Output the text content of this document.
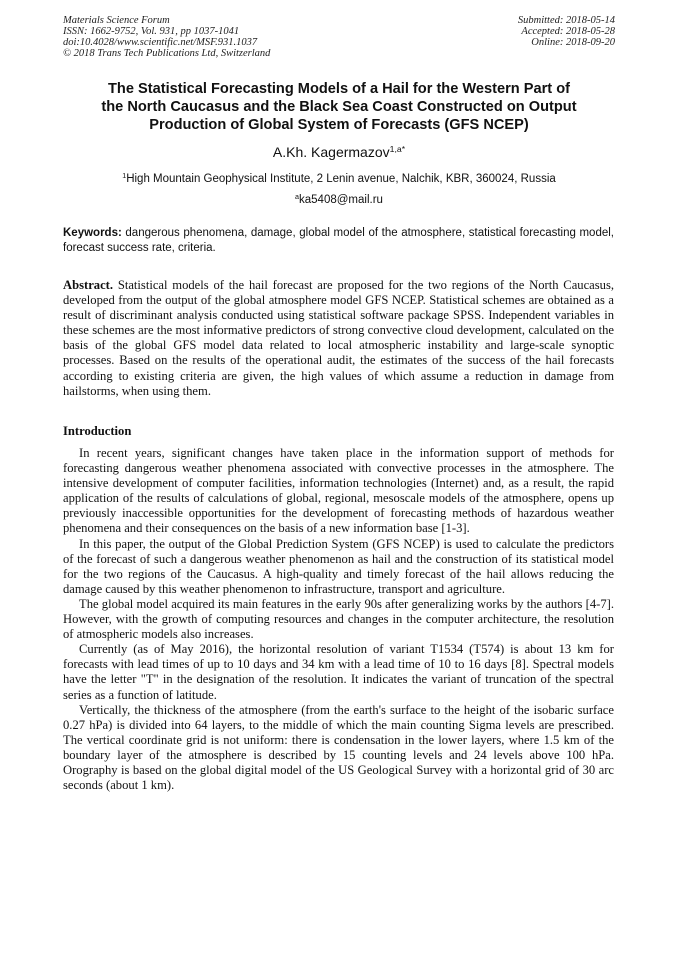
Materials Science Forum
ISSN: 1662-9752, Vol. 931, pp 1037-1041
doi:10.4028/www.scientific.net/MSF.931.1037
© 2018 Trans Tech Publications Ltd, Switzerland
Submitted: 2018-05-14
Accepted: 2018-05-28
Online: 2018-09-20
The Statistical Forecasting Models of a Hail for the Western Part of
the North Caucasus and the Black Sea Coast Constructed on Output
Production of Global System of Forecasts (GFS NCEP)
A.Kh. Kagermazov$^{1,a*}$
$^1$High Mountain Geophysical Institute, 2 Lenin avenue, Nalchik, KBR, 360024, Russia
$^a$ka5408@mail.ru
Keywords: dangerous phenomena, damage, global model of the atmosphere, statistical forecasting model, forecast success rate, criteria.
Abstract. Statistical models of the hail forecast are proposed for the two regions of the North Caucasus, developed from the output of the global atmosphere model GFS NCEP. Statistical schemes are obtained as a result of discriminant analysis conducted using statistical software package SPSS. Independent variables in these schemes are the most informative predictors of strong convective cloud development, calculated on the basis of the global GFS model data related to local atmospheric instability and large-scale synoptic processes. Based on the results of the operational audit, the estimates of the success of the hail forecasts according to existing criteria are given, the high values of which assume a reduction in damage from hailstorms, when using them.
Introduction

In recent years, significant changes have taken place in the information support of methods for forecasting dangerous weather phenomena associated with convective processes in the atmosphere. The intensive development of computer facilities, information technologies (Internet) and, as a result, the rapid application of the results of calculations of global, regional, mesoscale models of the atmosphere, opens up previously inaccessible opportunities for the development of forecasting methods of hazardous weather phenomena and their consequences on the basis of a new information base [1-3].

In this paper, the output of the Global Prediction System (GFS NCEP) is used to calculate the predictors of the forecast of such a dangerous weather phenomenon as hail and the construction of its statistical model for the two regions of the Caucasus. A high-quality and timely forecast of the hail allows reducing the damage caused by this weather phenomenon to infrastructure, transport and agriculture.

The global model acquired its main features in the early 90s after generalizing works by the authors [4-7]. However, with the growth of computing resources and changes in the computer architecture, the resolution of atmospheric models also increases.

Currently (as of May 2016), the horizontal resolution of variant T1534 (T574) is about 13 km for forecasts with lead times of up to 10 days and 34 km with a lead time of 10 to 16 days [8]. Spectral models have the letter "T" in the designation of the resolution. It indicates the variant of truncation of the spectral series as a function of latitude.

Vertically, the thickness of the atmosphere (from the earth's surface to the height of the isobaric surface 0.27 hPa) is divided into 64 layers, to the middle of which the main counting Sigma levels are prescribed. The vertical coordinate grid is not uniform: there is condensation in the lower layers, where 1.5 km of the boundary layer of the atmosphere is described by 15 counting levels and 24 levels above 100 hPa. Orography is based on the global digital model of the US Geological Survey with a horizontal grid of 30 arc seconds (about 1 km).
